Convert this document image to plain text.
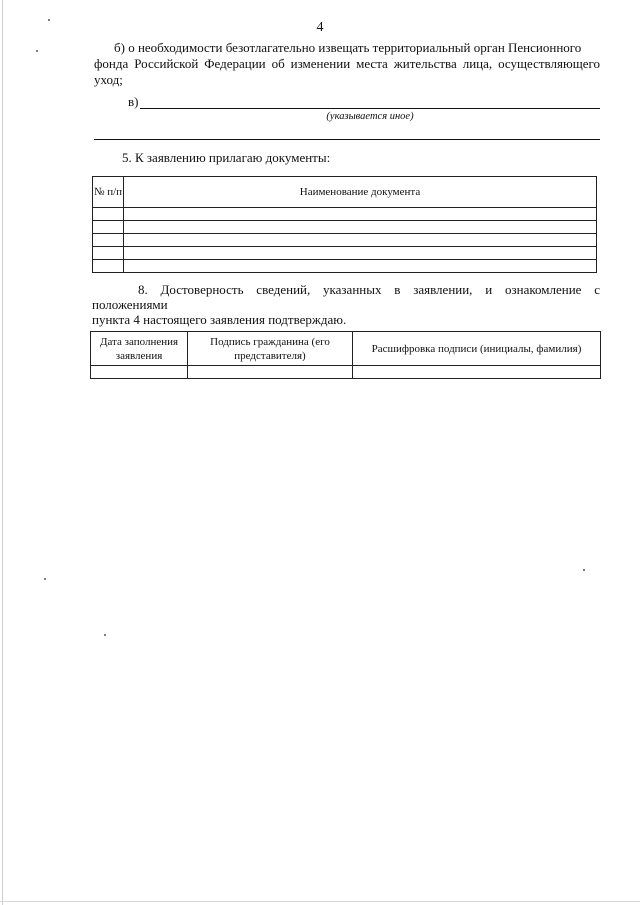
4
б) о необходимости безотлагательно извещать территориальный орган Пенсионного
фонда Российской Федерации об изменении места жительства лица, осуществляющего уход;
в)
(указывается иное)
5. К заявлению прилагаю документы:
№ п/п	Наименование документа

8. Достоверность сведений, указанных в заявлении, и ознакомление с положениями
пункта 4 настоящего заявления подтверждаю.
Дата заполнения заявления	Подпись гражданина (его представителя)	Расшифровка подписи (инициалы, фамилия)
